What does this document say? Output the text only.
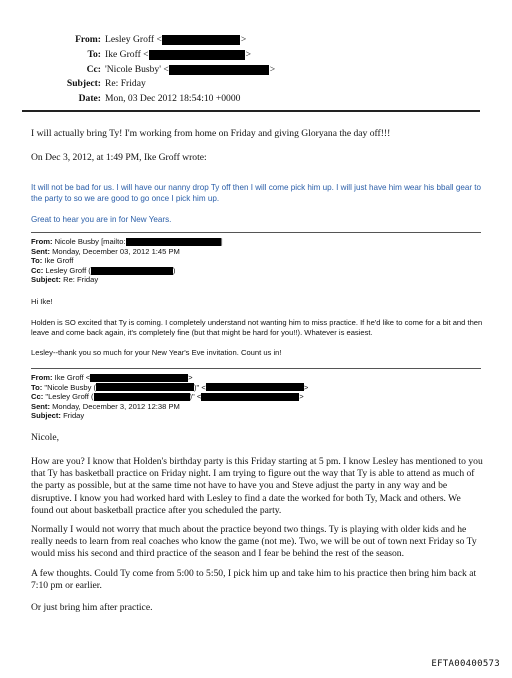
From: Lesley Groff <	>
To: Ike Groff <	>
Cc: 'Nicole Busby' <	>
Subject: Re: Friday
Date: Mon, 03 Dec 2012 18:54:10 +0000
I will actually bring Ty! I'm working from home on Friday and giving Gloryana the day off!!!
On Dec 3, 2012, at 1:49 PM, Ike Groff wrote:
It will not be bad for us. I will have our nanny drop Ty off then I will come pick him up. I will just have him wear his bball gear to the party to so we are good to go once I pick him up.
Great to hear you are in for New Years.
From:
Nicole Busby [mailto:	]
Sent:
Monday, December 03, 2012 1:45 PM
To:
Ike Groff
Cc:
Lesley Groff (	)
Subject:
Re: Friday
Hi Ike!
Holden is SO excited that Ty is coming. I completely understand not wanting him to miss practice. If he'd like to come for a bit and then leave and come back again, it's completely fine (but that might be hard for you!!). Whatever is easiest.
Lesley--thank you so much for your New Year's Eve invitation. Count us in!
From:
Ike Groff <	>
To:
"Nicole Busby (	)" <	>
Cc:
"Lesley Groff (	)" <	>
Sent:
Monday, December 3, 2012 12:38 PM
Subject:
Friday
Nicole,
How are you? I know that Holden's birthday party is this Friday starting at 5 pm. I know Lesley has mentioned to you that Ty has basketball practice on Friday night. I am trying to figure out the way that Ty is able to attend as much of the party as possible, but at the same time not have to have you and Steve adjust the party in any way and be disruptive. I know you had worked hard with Lesley to find a date the worked for both Ty, Mack and others. We found out about basketball practice after you scheduled the party.
Normally I would not worry that much about the practice beyond two things. Ty is playing with older kids and he really needs to learn from real coaches who know the game (not me). Two, we will be out of town next Friday so Ty would miss his second and third practice of the season and I fear be behind the rest of the season.
A few thoughts. Could Ty come from 5:00 to 5:50, I pick him up and take him to his practice then bring him back at 7:10 pm or earlier.
Or just bring him after practice.
EFTA00400573
